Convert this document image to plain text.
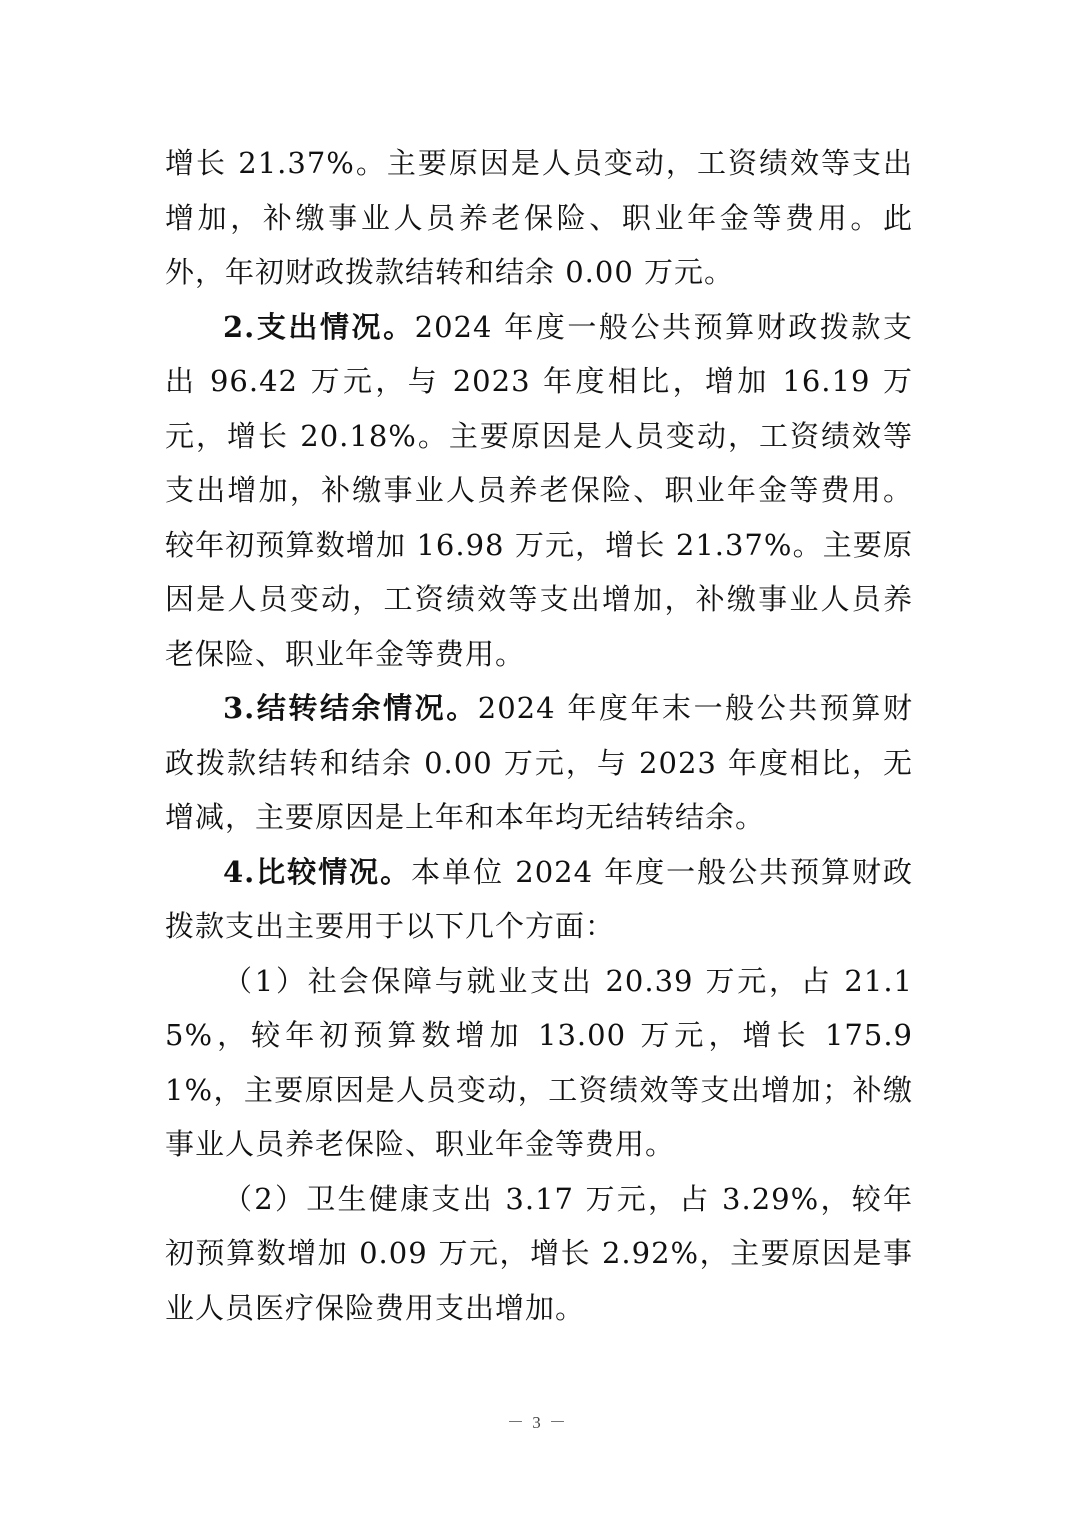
增长 21.37%。主要原因是人员变动，工资绩效等支出增加，补缴事业人员养老保险、职业年金等费用。此外，年初财政拨款结转和结余 0.00 万元。

2.支出情况。2024 年度一般公共预算财政拨款支出 96.42 万元，与 2023 年度相比，增加 16.19 万元，增长 20.18%。主要原因是人员变动，工资绩效等支出增加，补缴事业人员养老保险、职业年金等费用。较年初预算数增加 16.98 万元，增长 21.37%。主要原因是人员变动，工资绩效等支出增加，补缴事业人员养老保险、职业年金等费用。

3.结转结余情况。2024 年度年末一般公共预算财政拨款结转和结余 0.00 万元，与 2023 年度相比，无增减，主要原因是上年和本年均无结转结余。

4.比较情况。本单位 2024 年度一般公共预算财政拨款支出主要用于以下几个方面：

（1）社会保障与就业支出 20.39 万元，占 21.15%，较年初预算数增加 13.00 万元，增长 175.91%，主要原因是人员变动，工资绩效等支出增加；补缴事业人员养老保险、职业年金等费用。

（2）卫生健康支出 3.17 万元，占 3.29%，较年初预算数增加 0.09 万元，增长 2.92%，主要原因是事业人员医疗保险费用支出增加。

－ 3 －
